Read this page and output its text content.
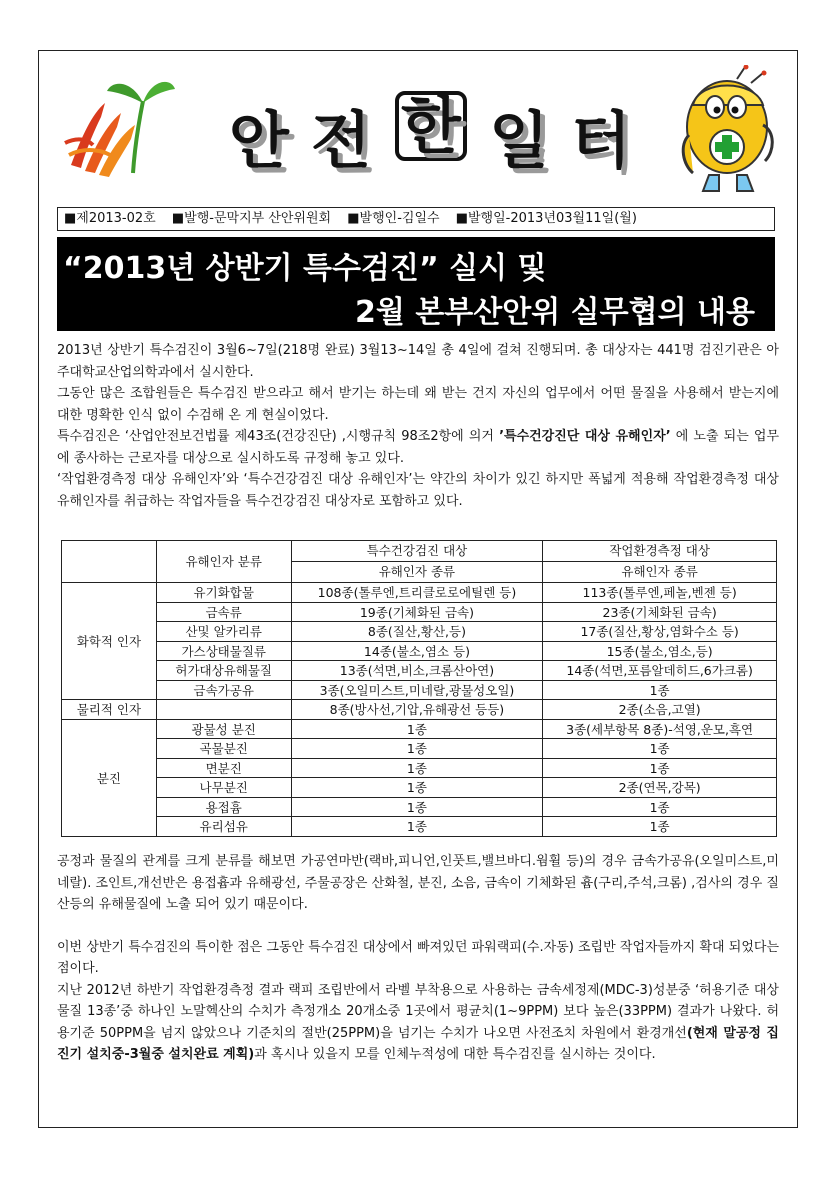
안 전 한 일 터
■제2013-02호 ■발행-문막지부 산안위원회 ■발행인-김일수 ■발행일-2013년03월11일(월)
“2013년 상반기 특수검진” 실시 및
2월 본부산안위 실무협의 내용

2013년 상반기 특수검진이 3월6~7일(218명 완료) 3월13~14일 총 4일에 걸쳐 진행되며. 총 대상자는 441명 검진기관은 아주대학교산업의학과에서 실시한다.

그동안 많은 조합원들은 특수검진 받으라고 해서 받기는 하는데 왜 받는 건지 자신의 업무에서 어떤 물질을 사용해서 받는지에 대한 명확한 인식 없이 수검해 온 게 현실이었다.

특수검진은 ‘산업안전보건법률 제43조(건강진단) ,시행규칙 98조2항에 의거 ’특수건강진단 대상 유해인자’ 에 노출 되는 업무에 종사하는 근로자를 대상으로 실시하도록 규정해 놓고 있다.

‘작업환경측정 대상 유해인자’와 ‘특수건강검진 대상 유해인자’는 약간의 차이가 있긴 하지만 폭넓게 적용해 작업환경측정 대상 유해인자를 취급하는 작업자들을 특수건강검진 대상자로 포함하고 있다.

	유해인자 분류	특수건강검진 대상	작업환경측정 대상
		유해인자 종류	유해인자 종류
화학적 인자	유기화합물	108종(톨루엔,트리클로로에틸렌 등)	113종(톨루엔,페놀,벤젠 등)
	금속류	19종(기체화된 금속)	23종(기체화된 금속)
	산및 알카리류	8종(질산,황산,등)	17종(질산,황상,염화수소 등)
	가스상태물질류	14종(불소,염소 등)	15종(불소,염소,등)
	허가대상유해물질	13종(석면,비소,크롬산아연)	14종(석면,포름알데히드,6가크롬)
	금속가공유	3종(오일미스트,미네랄,광물성오일)	1종
물리적 인자		8종(방사선,기압,유해광선 등등)	2종(소음,고열)
분진	광물성 분진	1종	3종(세부항목 8종)-석영,운모,흑연
	곡물분진	1종	1종
	면분진	1종	1종
	나무분진	1종	2종(연목,강목)
	용접흄	1종	1종
	유리섬유	1종	1종

공정과 물질의 관계를 크게 분류를 해보면 가공연마반(랙바,피니언,인풋트,밸브바디.웜휠 등)의 경우 금속가공유(오일미스트,미네랄). 조인트,개선반은 용접흄과 유해광선, 주물공장은 산화철, 분진, 소음, 금속이 기체화된 흄(구리,주석,크롬) ,검사의 경우 질산등의 유해물질에 노출 되어 있기 때문이다.

이번 상반기 특수검진의 특이한 점은 그동안 특수검진 대상에서 빠져있던 파워랙피(수.자동) 조립반 작업자들까지 확대 되었다는 점이다.

지난 2012년 하반기 작업환경측정 결과 랙피 조립반에서 라벨 부착용으로 사용하는 금속세정제(MDC-3)성분중 ‘허용기준 대상물질 13종’중 하나인 노말헥산의 수치가 측정개소 20개소중 1곳에서 평균치(1~9PPM) 보다 높은(33PPM) 결과가 나왔다. 허용기준 50PPM을 넘지 않았으나 기준치의 절반(25PPM)을 넘기는 수치가 나오면 사전조치 차원에서 환경개선(현재 말공정 집진기 설치중-3월중 설치완료 계획)과 혹시나 있을지 모를 인체누적성에 대한 특수검진를 실시하는 것이다.
